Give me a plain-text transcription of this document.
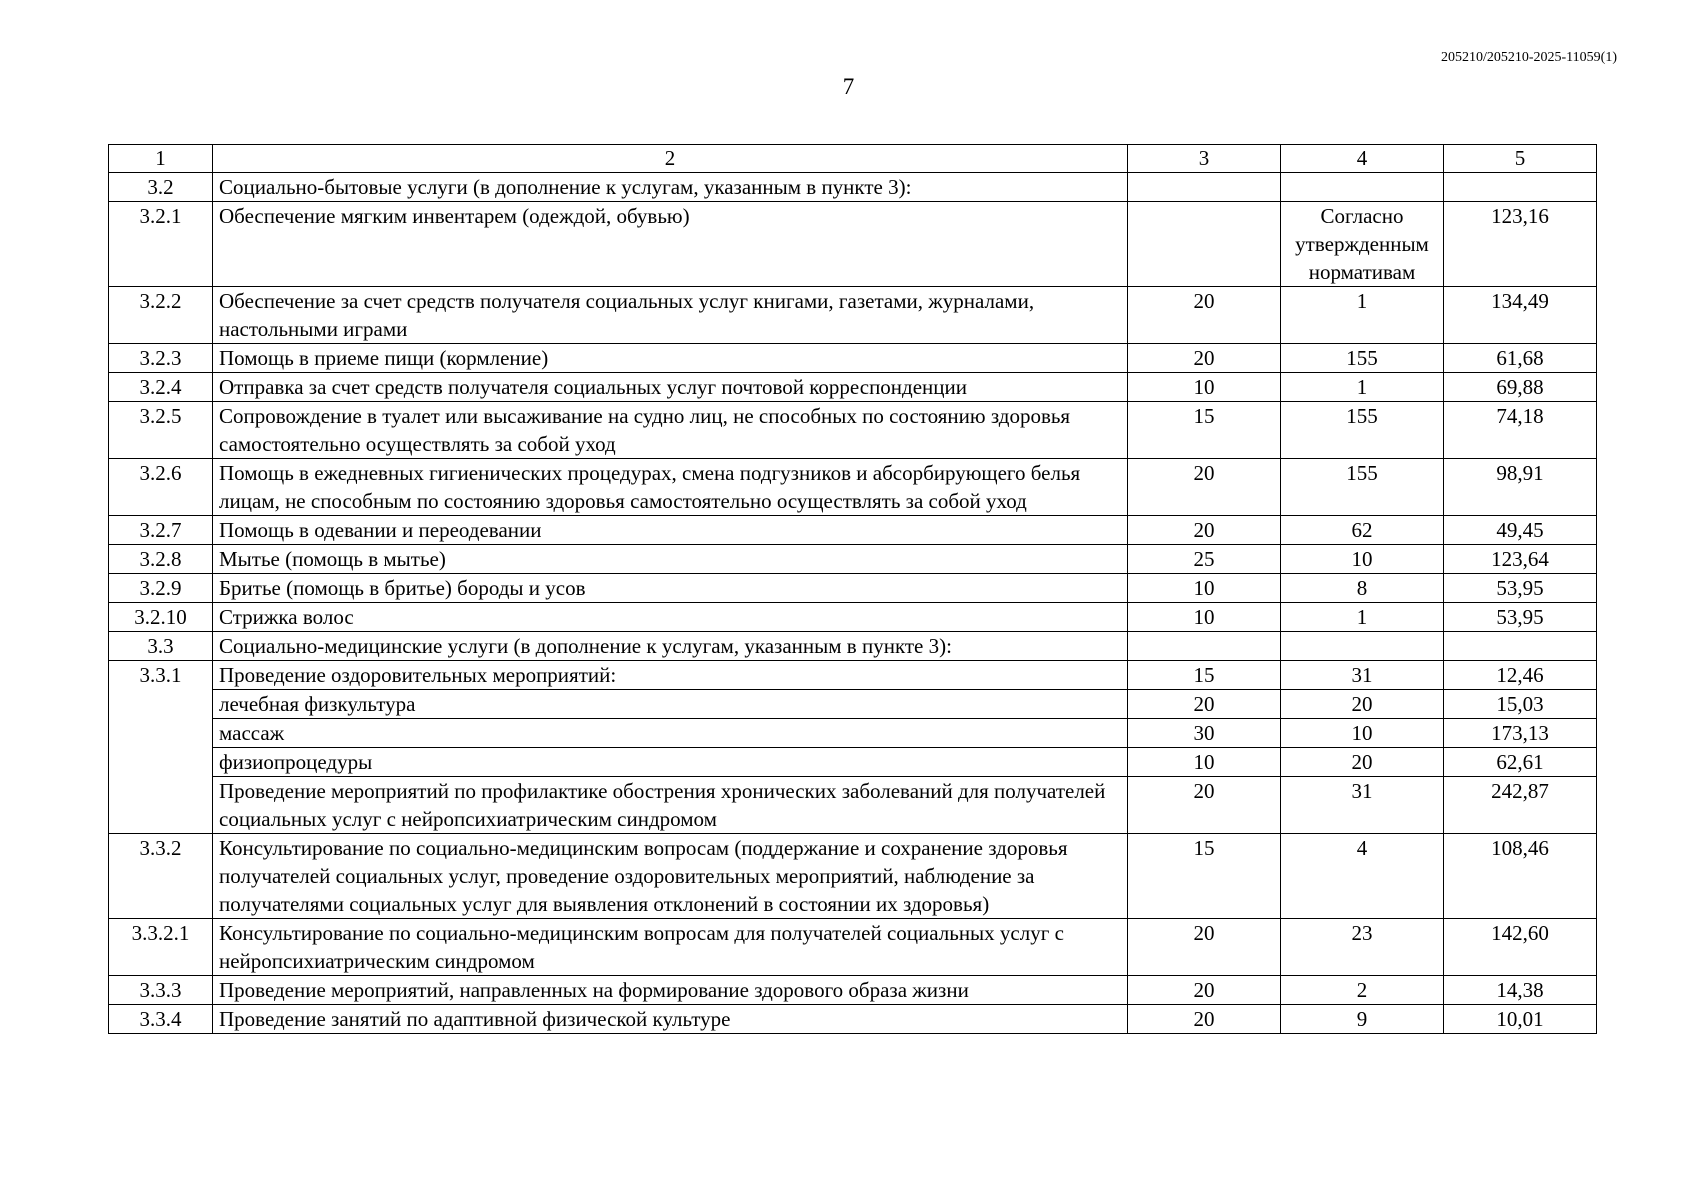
205210/205210-2025-11059(1)
7
1	2	3	4	5
3.2	Социально-бытовые услуги (в дополнение к услугам, указанным в пункте 3):			
3.2.1	Обеспечение мягким инвентарем (одеждой, обувью)		Согласно утвержденным нормативам	123,16
3.2.2	Обеспечение за счет средств получателя социальных услуг книгами, газетами, журналами, настольными играми	20	1	134,49
3.2.3	Помощь в приеме пищи (кормление)	20	155	61,68
3.2.4	Отправка за счет средств получателя социальных услуг почтовой корреспонденции	10	1	69,88
3.2.5	Сопровождение в туалет или высаживание на судно лиц, не способных по состоянию здоровья самостоятельно осуществлять за собой уход	15	155	74,18
3.2.6	Помощь в ежедневных гигиенических процедурах, смена подгузников и абсорбирующего белья лицам, не способным по состоянию здоровья самостоятельно осуществлять за собой уход	20	155	98,91
3.2.7	Помощь в одевании и переодевании	20	62	49,45
3.2.8	Мытье (помощь в мытье)	25	10	123,64
3.2.9	Бритье (помощь в бритье) бороды и усов	10	8	53,95
3.2.10	Стрижка волос	10	1	53,95
3.3	Социально-медицинские услуги (в дополнение к услугам, указанным в пункте 3):			
3.3.1	Проведение оздоровительных мероприятий:	15	31	12,46
	лечебная физкультура	20	20	15,03
	массаж	30	10	173,13
	физиопроцедуры	10	20	62,61
	Проведение мероприятий по профилактике обострения хронических заболеваний для получателей социальных услуг с нейропсихиатрическим синдромом	20	31	242,87
3.3.2	Консультирование по социально-медицинским вопросам (поддержание и сохранение здоровья получателей социальных услуг, проведение оздоровительных мероприятий, наблюдение за получателями социальных услуг для выявления отклонений в состоянии их здоровья)	15	4	108,46
3.3.2.1	Консультирование по социально-медицинским вопросам для получателей социальных услуг с нейропсихиатрическим синдромом	20	23	142,60
3.3.3	Проведение мероприятий, направленных на формирование здорового образа жизни	20	2	14,38
3.3.4	Проведение занятий по адаптивной физической культуре	20	9	10,01
